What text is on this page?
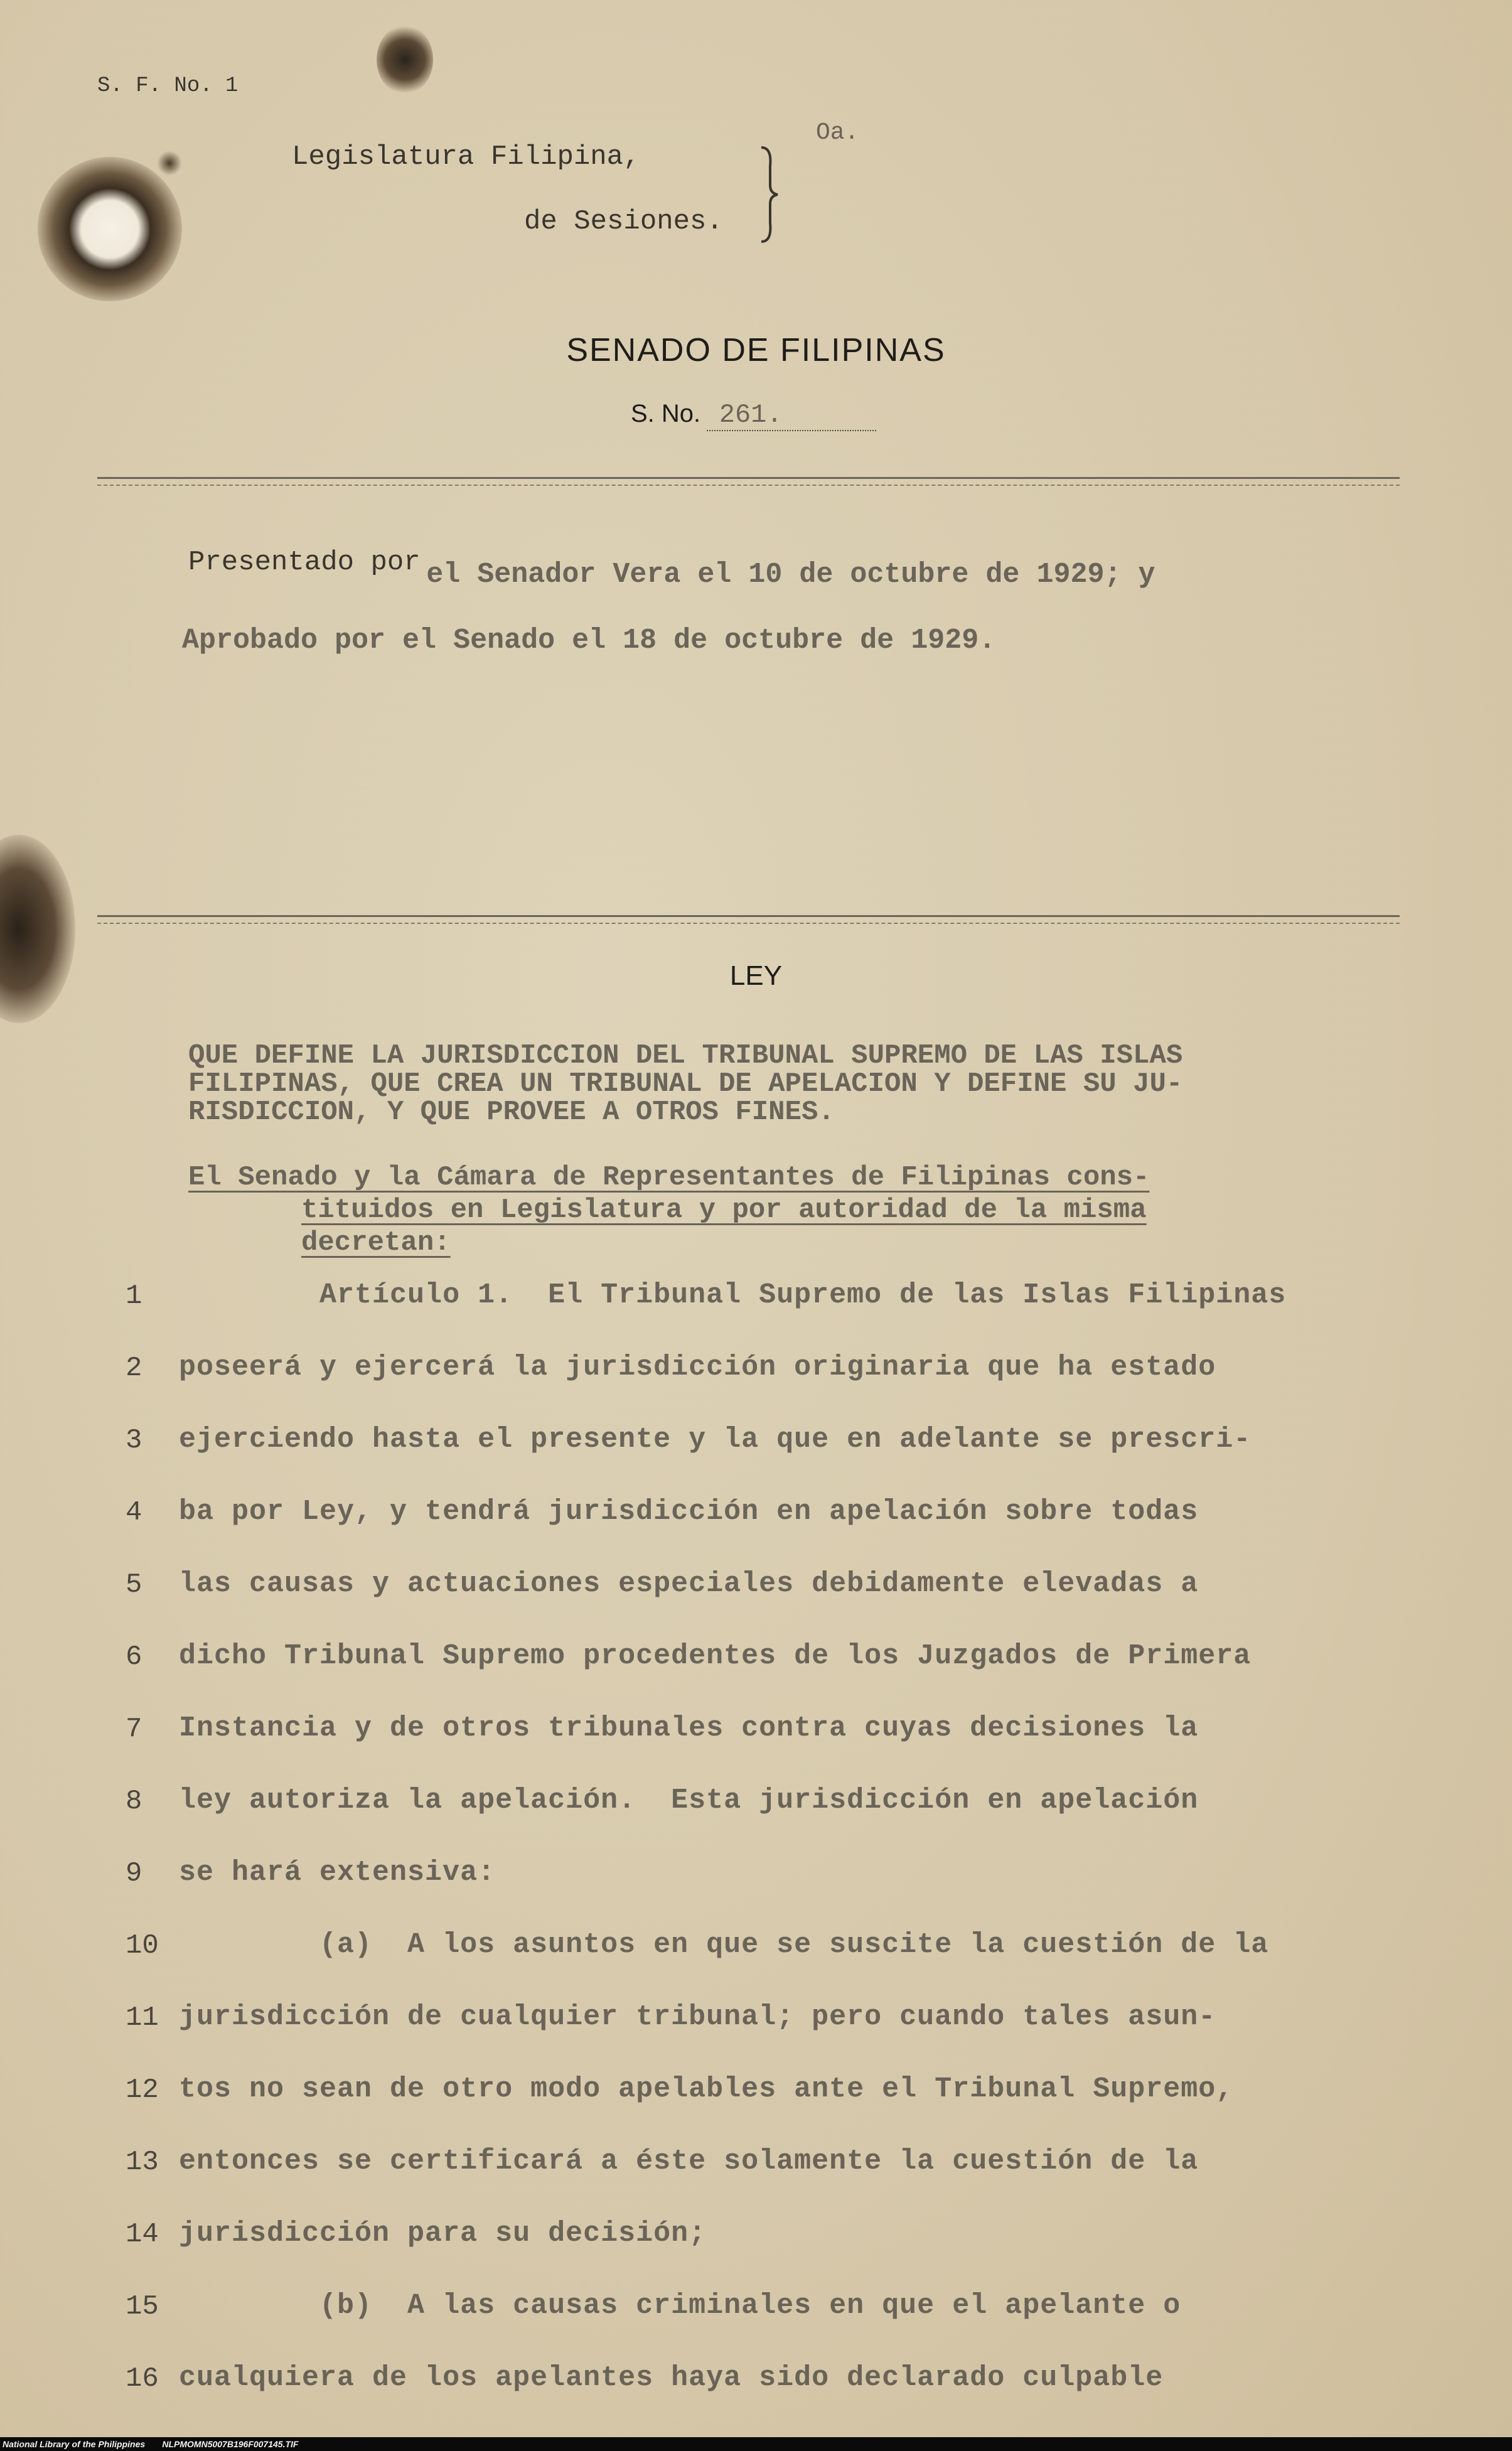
S. F. No. 1
Legislatura Filipina,
de Sesiones.
Oa.
SENADO DE FILIPINAS
S. No. 261.
Presentado por el Senador Vera el 10 de octubre de 1929; y
Aprobado por el Senado el 18 de octubre de 1929.
LEY
QUE DEFINE LA JURISDICCION DEL TRIBUNAL SUPREMO DE LAS ISLAS
FILIPINAS, QUE CREA UN TRIBUNAL DE APELACION Y DEFINE SU JU-
RISDICCION, Y QUE PROVEE A OTROS FINES.
El Senado y la Cámara de Representantes de Filipinas cons-
tituidos en Legislatura y por autoridad de la misma
decretan:
1	Artículo 1.  El Tribunal Supremo de las Islas Filipinas
2	poseerá y ejercerá la jurisdicción originaria que ha estado
3	ejerciendo hasta el presente y la que en adelante se prescri-
4	ba por Ley, y tendrá jurisdicción en apelación sobre todas
5	las causas y actuaciones especiales debidamente elevadas a
6	dicho Tribunal Supremo procedentes de los Juzgados de Primera
7	Instancia y de otros tribunales contra cuyas decisiones la
8	ley autoriza la apelación.  Esta jurisdicción en apelación
9	se hará extensiva:
10 (a)  A los asuntos en que se suscite la cuestión de la
11 jurisdicción de cualquier tribunal; pero cuando tales asun-
12 tos no sean de otro modo apelables ante el Tribunal Supremo,
13 entonces se certificará a éste solamente la cuestión de la
14 jurisdicción para su decisión;
15 (b)  A las causas criminales en que el apelante o
16 cualquiera de los apelantes haya sido declarado culpable
National Library of the Philippines NLPMOMN5007B196F007145.TIF
